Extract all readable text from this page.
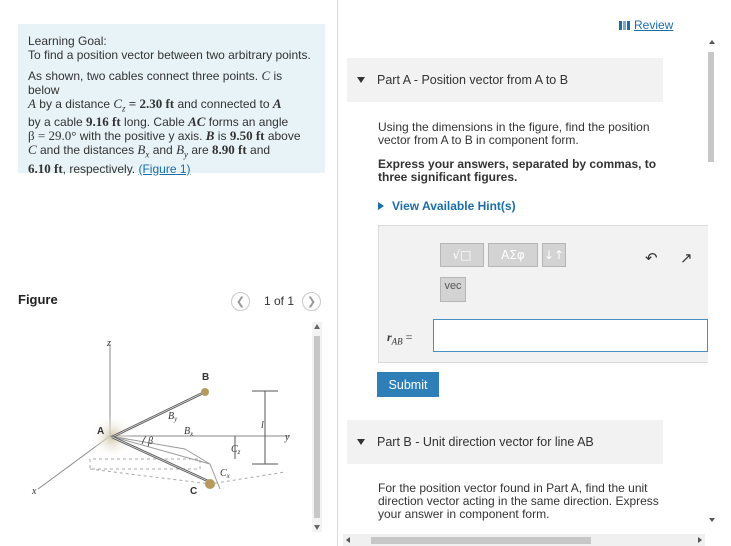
Learning Goal:
To find a position vector between two arbitrary points.
As shown, two cables connect three points. C is below
A by a distance $C_z = 2.30$ ft and connected to A
by a cable 9.16 ft long. Cable AC forms an angle
β = 29.0° with the positive y axis. B is 9.50 ft above
C and the distances $B_x$ and $B_y$ are 8.90 ft and
6.10 ft, respectively. (Figure 1)
Figure	❮	1 of 1	❯
z
x
y
A
B
C
$B_y$
$B_x$
$C_z$
$C_x$
β
l
Review
Part A - Position vector from A to B
Using the dimensions in the figure, find the position vector from A to B in component form.
Express your answers, separated by commas, to three significant figures.
View Available Hint(s)
√□ ΑΣφ ↓↑
vec
↶ ↗
$r_{AB}$ =
Submit
Part B - Unit direction vector for line AB
For the position vector found in Part A, find the unit direction vector acting in the same direction. Express your answer in component form.
